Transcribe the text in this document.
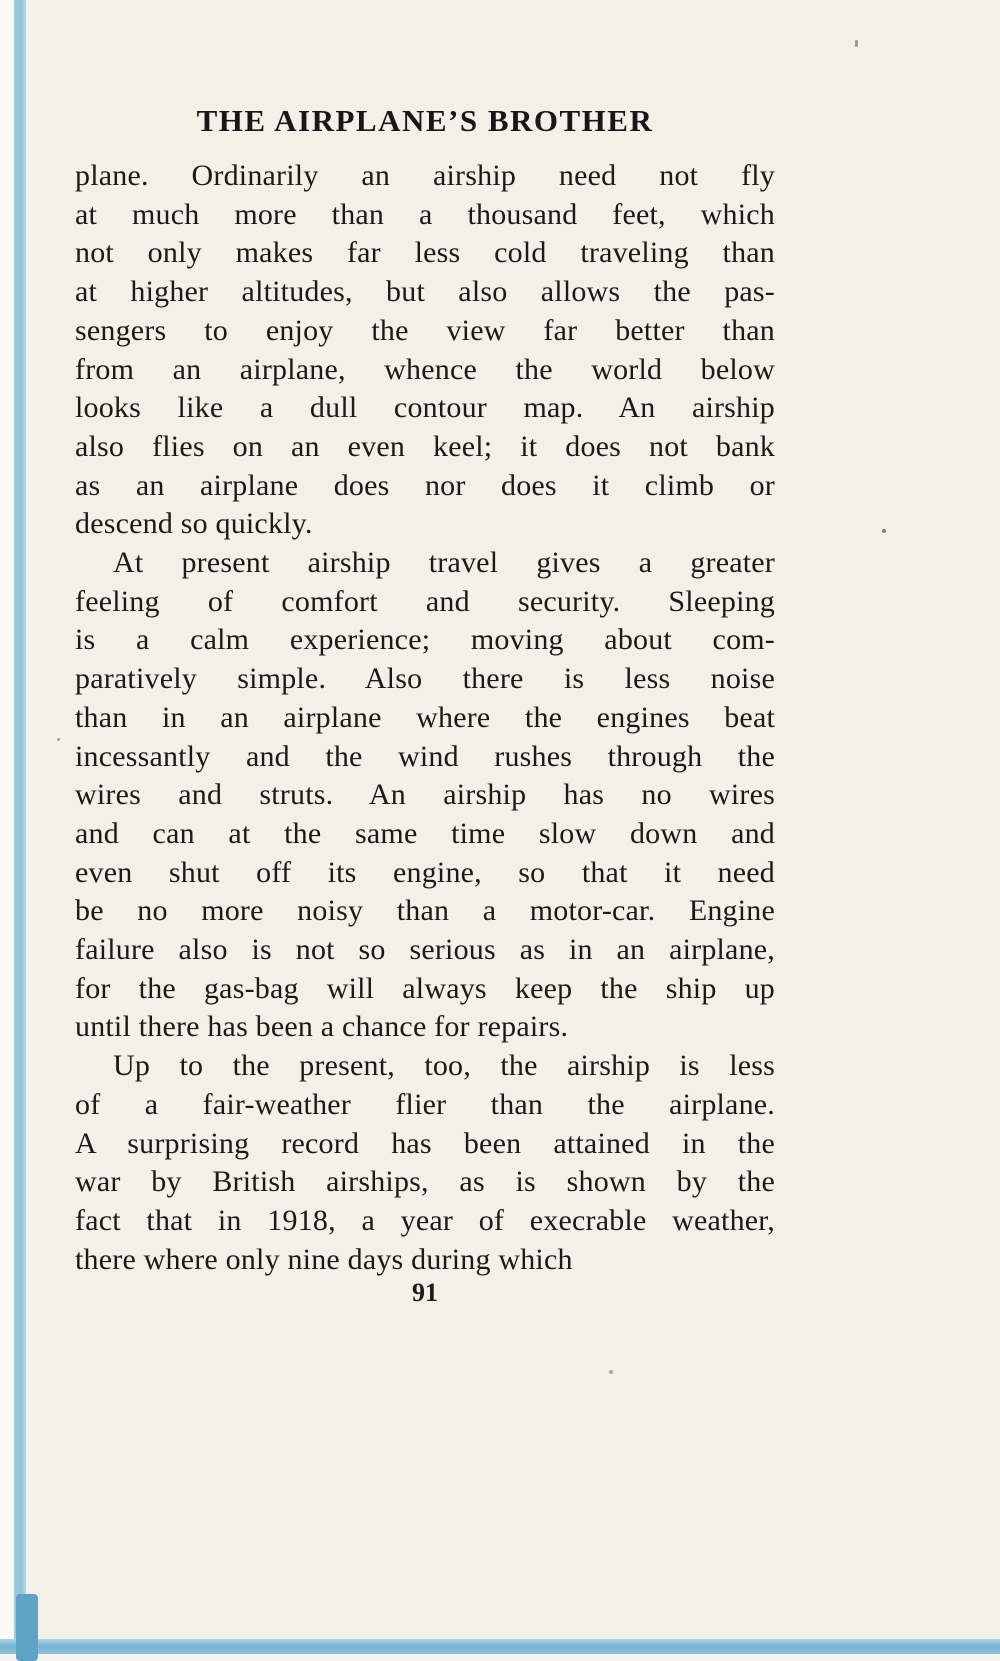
THE AIRPLANE’S BROTHER
plane. Ordinarily an airship need not fly
at much more than a thousand feet, which
not only makes far less cold traveling than
at higher altitudes, but also allows the pas-
sengers to enjoy the view far better than
from an airplane, whence the world below
looks like a dull contour map. An airship
also flies on an even keel; it does not bank
as an airplane does nor does it climb or
descend so quickly.
At present airship travel gives a greater
feeling of comfort and security. Sleeping
is a calm experience; moving about com-
paratively simple. Also there is less noise
than in an airplane where the engines beat
incessantly and the wind rushes through the
wires and struts. An airship has no wires
and can at the same time slow down and
even shut off its engine, so that it need
be no more noisy than a motor-car. Engine
failure also is not so serious as in an airplane,
for the gas-bag will always keep the ship up
until there has been a chance for repairs.
Up to the present, too, the airship is less
of a fair-weather flier than the airplane.
A surprising record has been attained in the
war by British airships, as is shown by the
fact that in 1918, a year of execrable weather,
there where only nine days during which
91
